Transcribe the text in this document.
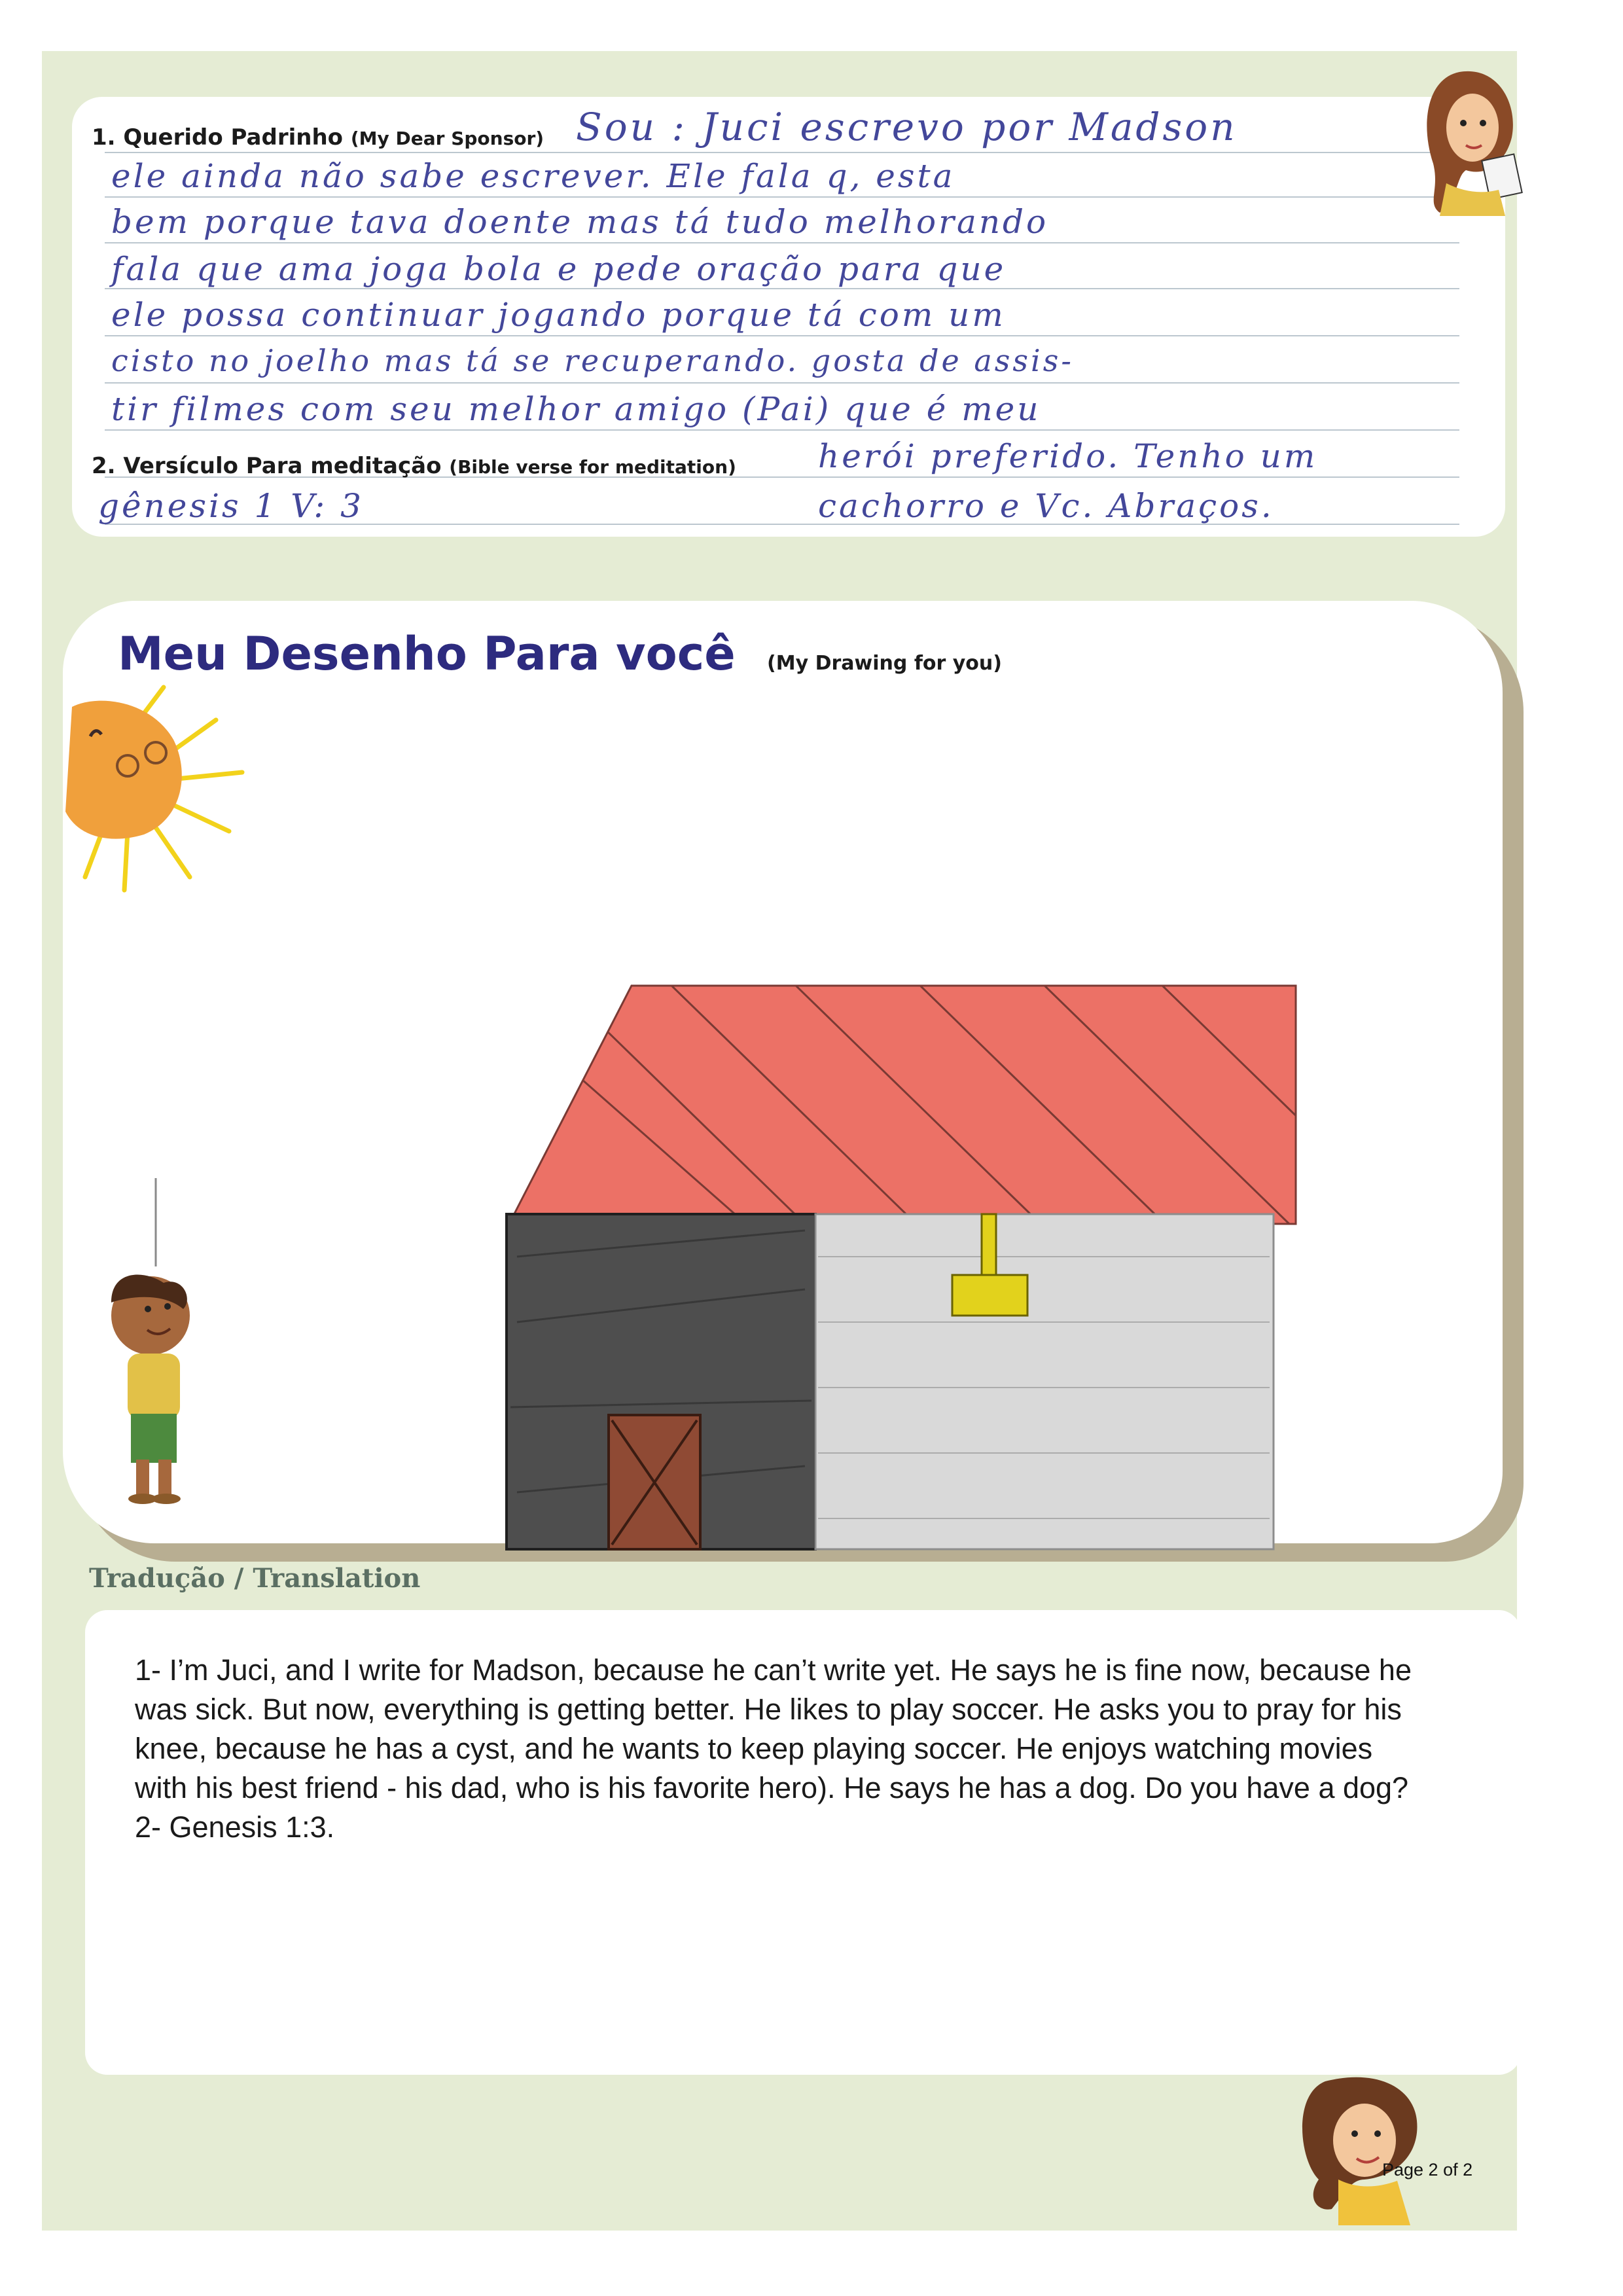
1. Querido Padrinho (My Dear Sponsor)
2. Versículo Para meditação (Bible verse for meditation)
Sou : Juci escrevo por Madson
ele ainda não sabe escrever. Ele fala q, esta
bem porque tava doente mas tá tudo melhorando
fala que ama joga bola e pede oração para que
ele possa continuar jogando porque tá com um
cisto no joelho mas tá se recuperando. gosta de assis-
tir filmes com seu melhor amigo (Pai) que é meu
herói preferido. Tenho um
cachorro e Vc. Abraços.
gênesis 1 V: 3
Meu Desenho Para você (My Drawing for you)
Tradução / Translation

1- I’m Juci, and I write for Madson, because he can’t write yet. He says he is fine now, because he was sick. But now, everything is getting better. He likes to play soccer. He asks you to pray for his knee, because he has a cyst, and he wants to keep playing soccer. He enjoys watching movies with his best friend - his dad, who is his favorite hero). He says he has a dog. Do you have a dog? 2- Genesis 1:3.

Page 2 of 2
